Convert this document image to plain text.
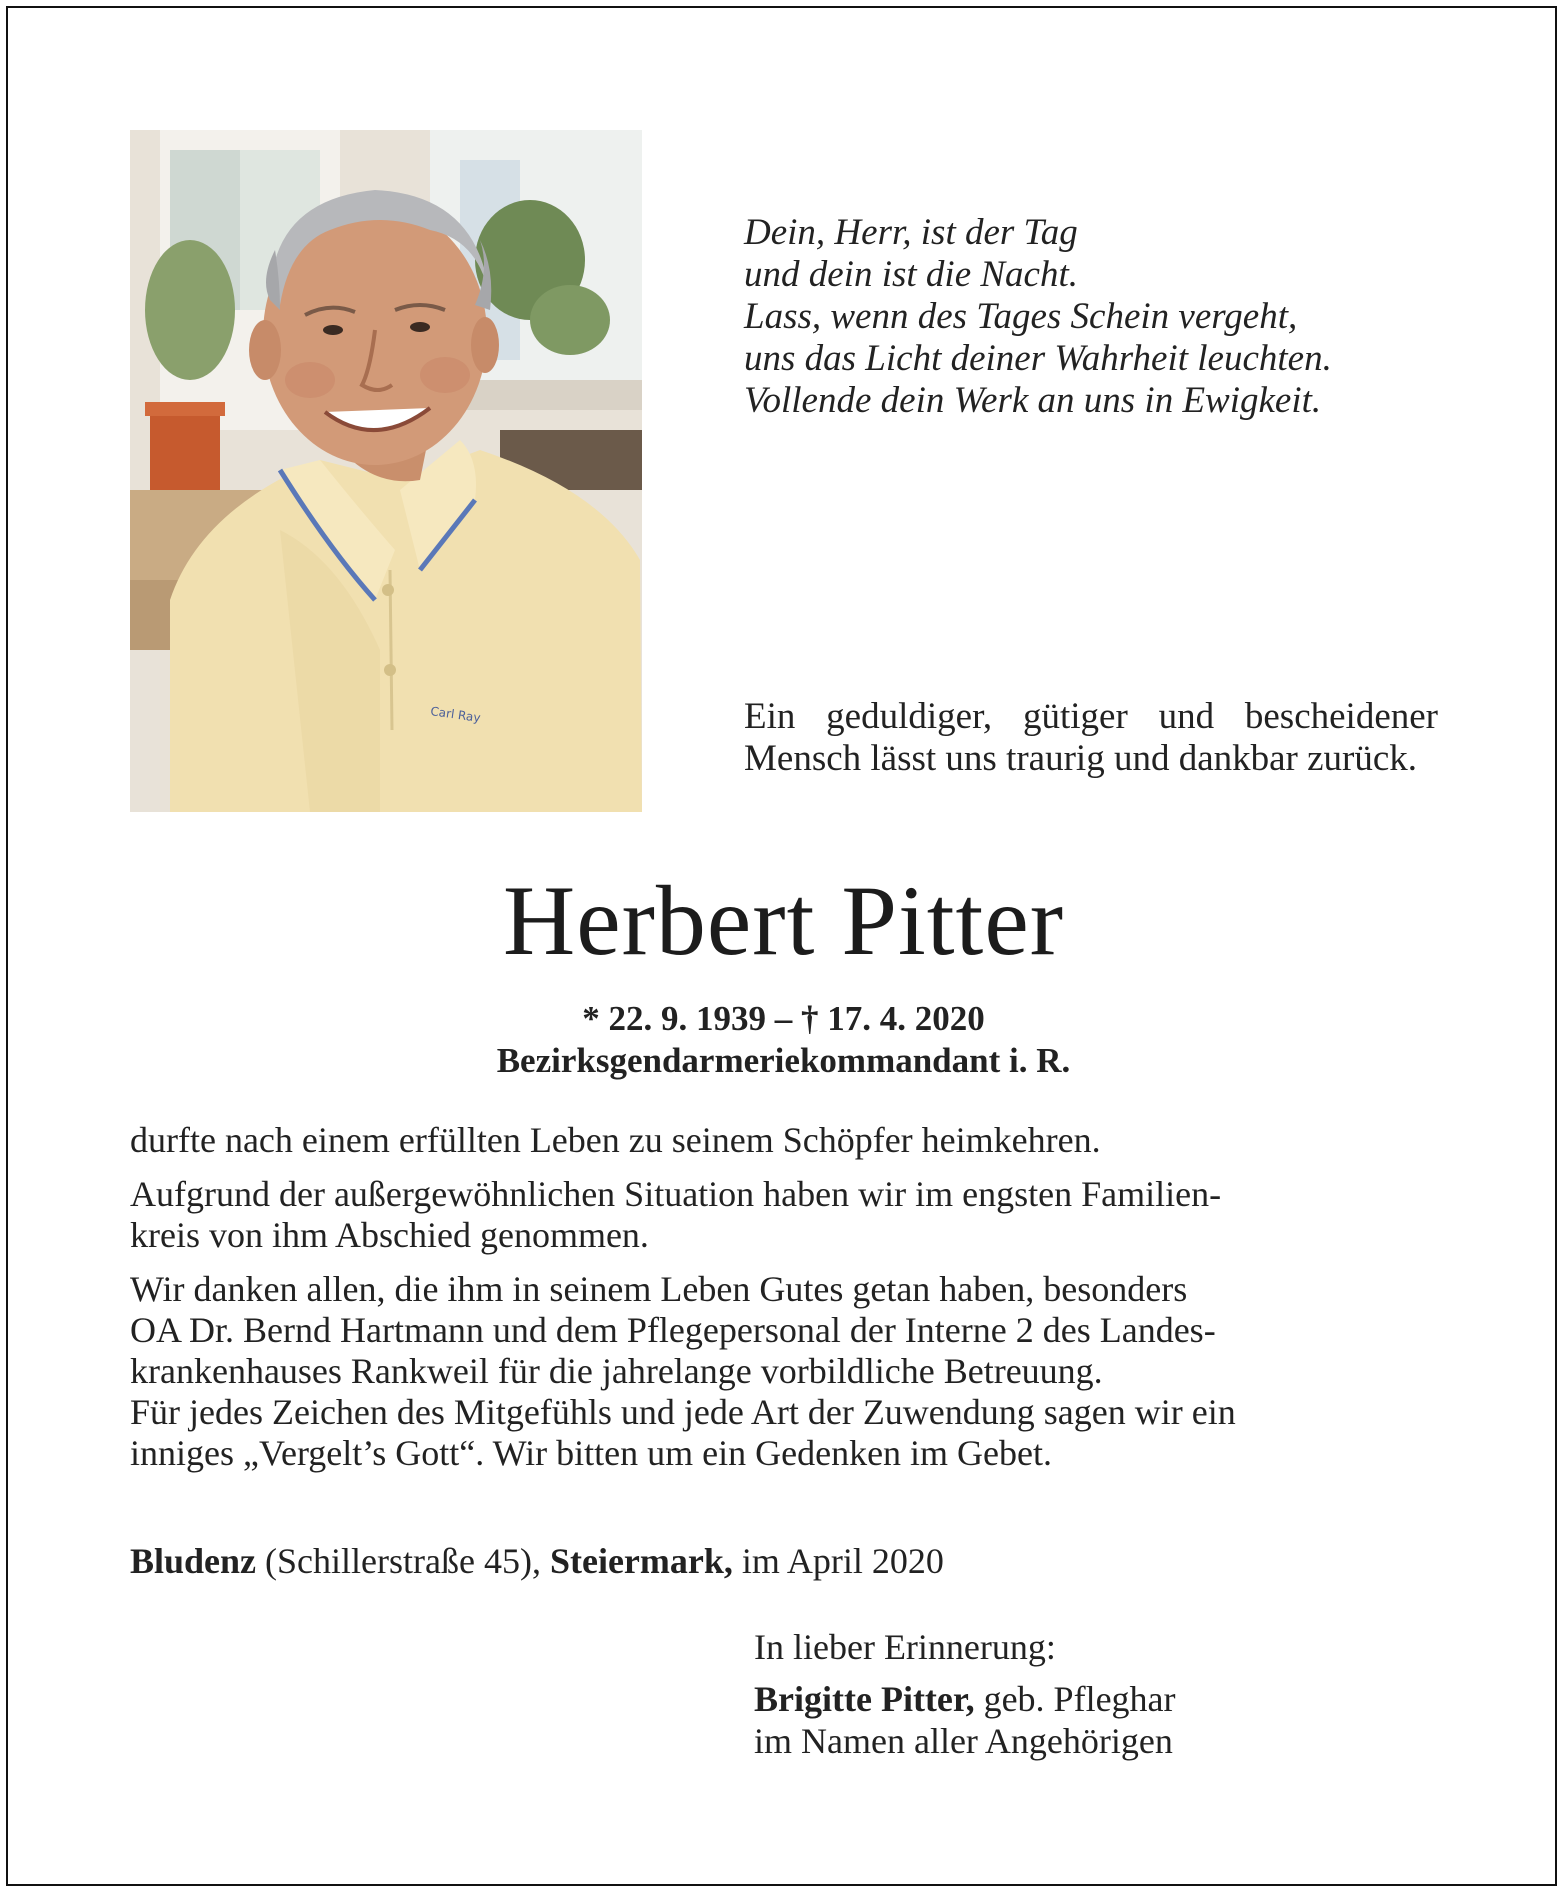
Carl Ray
Dein, Herr, ist der Tag
und dein ist die Nacht.
Lass, wenn des Tages Schein vergeht,
uns das Licht deiner Wahrheit leuchten.
Vollende dein Werk an uns in Ewigkeit.
Ein geduldiger, gütiger und bescheidener Mensch lässt uns traurig und dankbar zurück.
Herbert Pitter
* 22. 9. 1939 – † 17. 4. 2020
Bezirksgendarmeriekommandant i. R.

durfte nach einem erfüllten Leben zu seinem Schöpfer heimkehren.

Aufgrund der außergewöhnlichen Situation haben wir im engsten Familien-
kreis von ihm Abschied genommen.

Wir danken allen, die ihm in seinem Leben Gutes getan haben, besonders
OA Dr. Bernd Hartmann und dem Pflegepersonal der Interne 2 des Landes-
krankenhauses Rankweil für die jahrelange vorbildliche Betreuung.
Für jedes Zeichen des Mitgefühls und jede Art der Zuwendung sagen wir ein
inniges „Vergelt’s Gott“. Wir bitten um ein Gedenken im Gebet.

Bludenz (Schillerstraße 45), Steiermark, im April 2020
In lieber Erinnerung:
Brigitte Pitter, geb. Pfleghar
im Namen aller Angehörigen
